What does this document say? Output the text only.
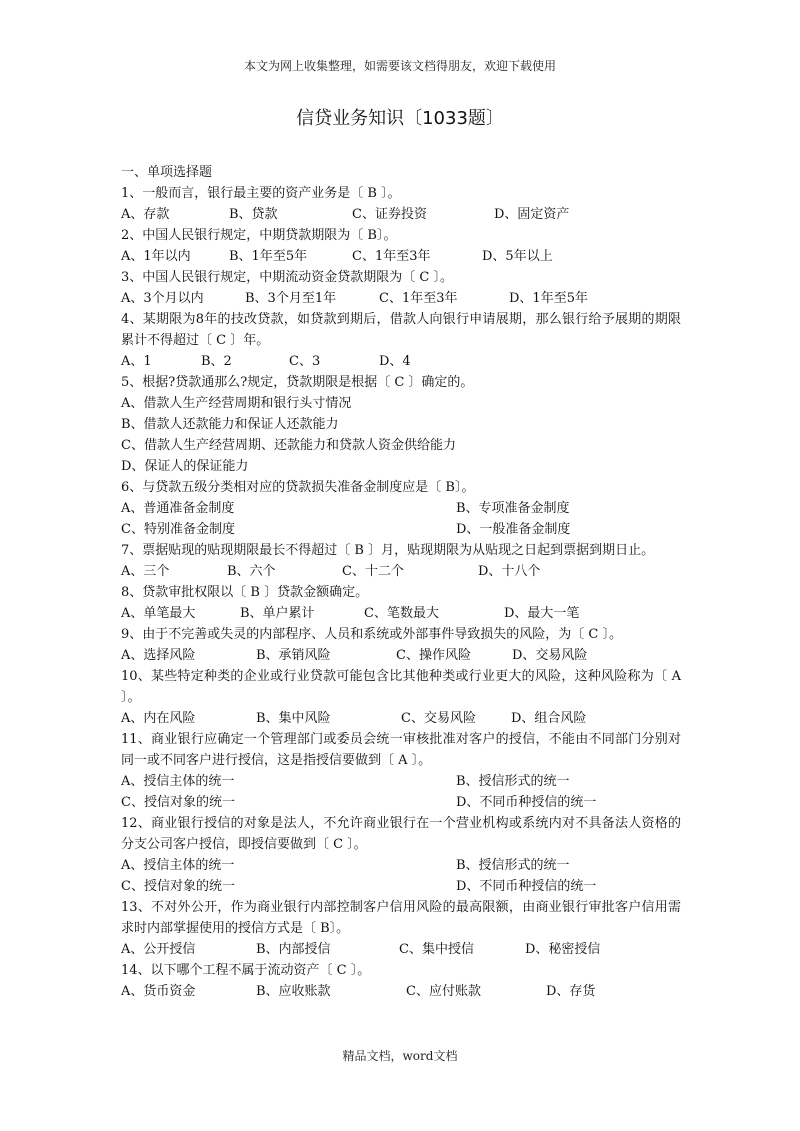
本文为网上收集整理，如需要该文档得朋友，欢迎下载使用
信贷业务知识〔1033题〕
一、单项选择题
1、一般而言，银行最主要的资产业务是〔 B 〕。
A、存款	B、贷款	C、证券投资	D、固定资产
2、中国人民银行规定，中期贷款期限为〔 B〕。
A、1年以内	B、1年至5年	C、1年至3年	D、5年以上
3、中国人民银行规定，中期流动资金贷款期限为〔 C 〕。
A、3个月以内	B、3个月至1年	C、1年至3年	D、1年至5年
4、某期限为8年的技改贷款，如贷款到期后，借款人向银行申请展期，那么银行给予展期的期限累计不得超过〔 C 〕年。
A、1	B、2	C、3	D、4
5、根据?贷款通那么?规定，贷款期限是根据〔 C 〕确定的。
A、借款人生产经营周期和银行头寸情况
B、借款人还款能力和保证人还款能力
C、借款人生产经营周期、还款能力和贷款人资金供给能力
D、保证人的保证能力
6、与贷款五级分类相对应的贷款损失准备金制度应是〔 B〕。
A、普通准备金制度	B、专项准备金制度
C、特别准备金制度	D、一般准备金制度
7、票据贴现的贴现期限最长不得超过〔 B 〕月，贴现期限为从贴现之日起到票据到期日止。
A、三个	B、六个	C、十二个	D、十八个
8、贷款审批权限以〔 B 〕贷款金额确定。
A、单笔最大	B、单户累计	C、笔数最大	D、最大一笔
9、由于不完善或失灵的内部程序、人员和系统或外部事件导致损失的风险，为〔 C 〕。
A、选择风险	B、承销风险	C、操作风险	D、交易风险
10、某些特定种类的企业或行业贷款可能包含比其他种类或行业更大的风险，这种风险称为〔 A 〕。
A、内在风险	B、集中风险	C、交易风险	D、组合风险
11、商业银行应确定一个管理部门或委员会统一审核批准对客户的授信，不能由不同部门分别对同一或不同客户进行授信，这是指授信要做到〔 A 〕。
A、授信主体的统一	B、授信形式的统一
C、授信对象的统一	D、不同币种授信的统一
12、商业银行授信的对象是法人，不允许商业银行在一个营业机构或系统内对不具备法人资格的分支公司客户授信，即授信要做到〔 C 〕。
A、授信主体的统一	B、授信形式的统一
C、授信对象的统一	D、不同币种授信的统一
13、不对外公开，作为商业银行内部控制客户信用风险的最高限额，由商业银行审批客户信用需求时内部掌握使用的授信方式是〔 B〕。
A、公开授信	B、内部授信	C、集中授信	D、秘密授信
14、以下哪个工程不属于流动资产〔 C 〕。
A、货币资金	B、应收账款	C、应付账款	D、存货
精品文档，word文档
